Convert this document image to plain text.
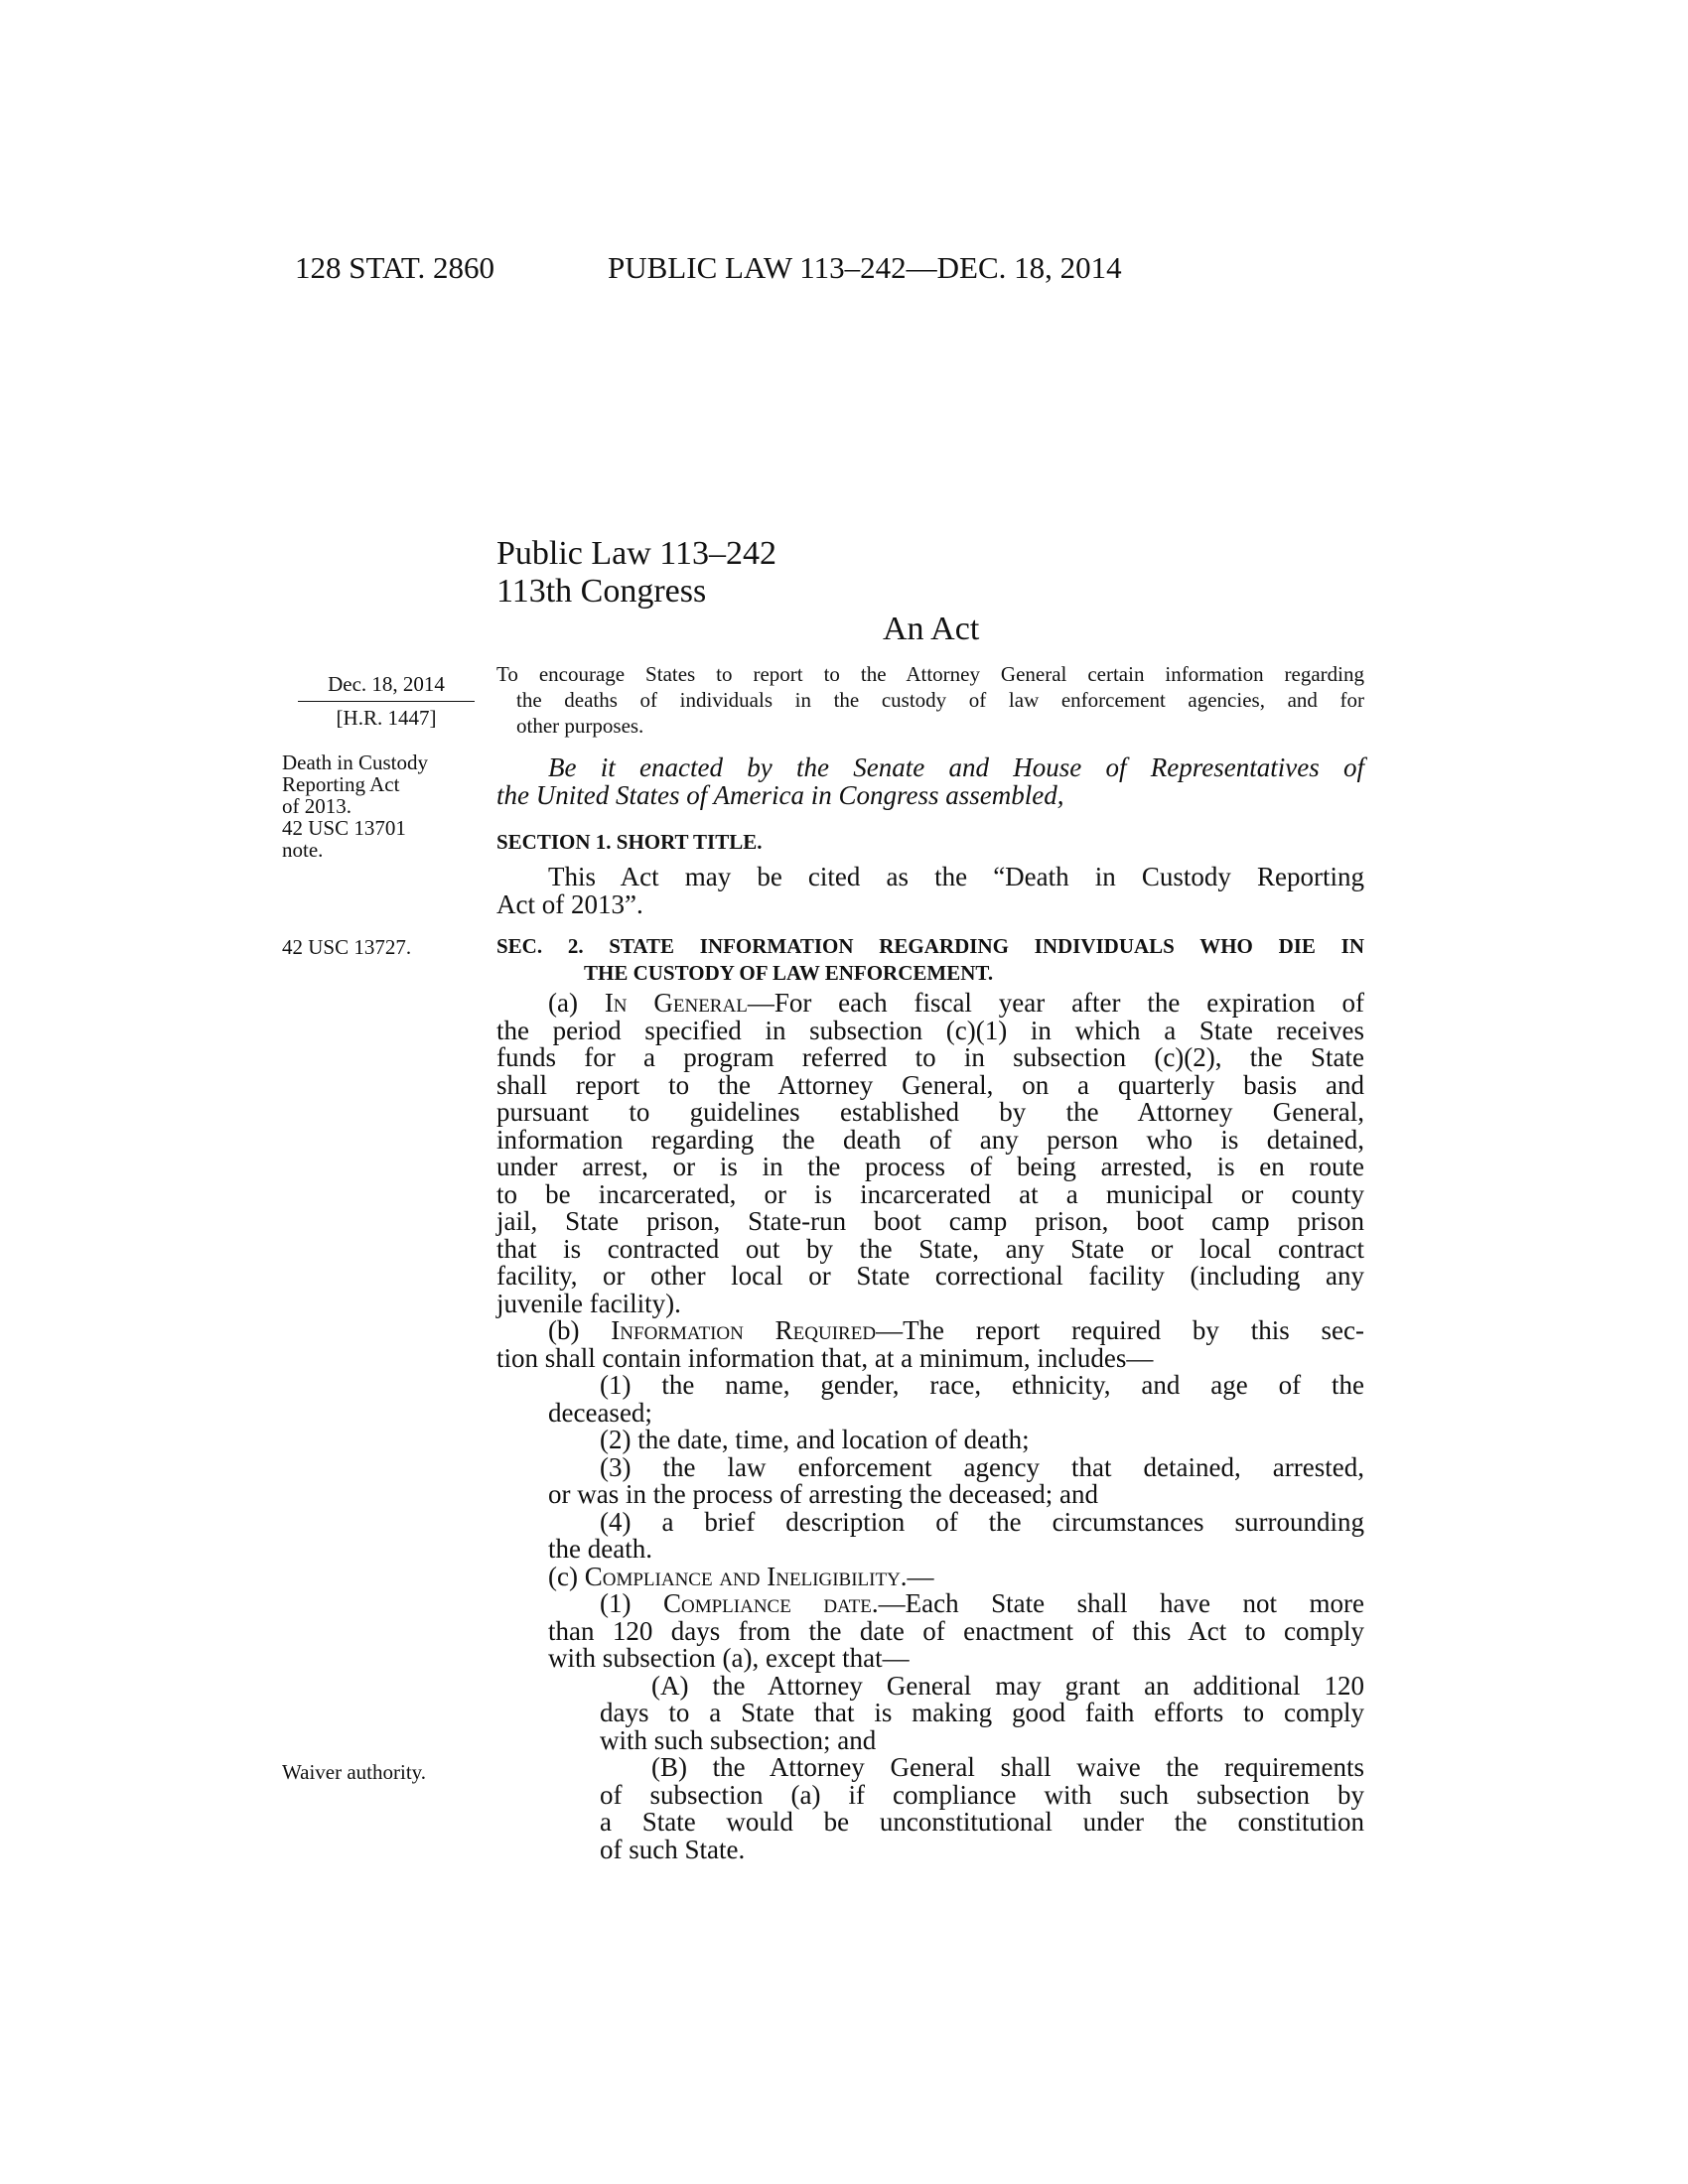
128 STAT. 2860	PUBLIC LAW 113–242—DEC. 18, 2014
Public Law 113–242
113th Congress
An Act
Dec. 18, 2014
[H.R. 1447]
To encourage States to report to the Attorney General certain information regarding
the deaths of individuals in the custody of law enforcement agencies, and for
other purposes.
Death in Custody
Reporting Act
of 2013.
42 USC 13701
note.
Be it enacted by the Senate and House of Representatives of
the United States of America in Congress assembled,
SECTION 1. SHORT TITLE.
This Act may be cited as the “Death in Custody Reporting
Act of 2013”.
42 USC 13727.	SEC. 2. STATE INFORMATION REGARDING INDIVIDUALS WHO DIE IN
THE CUSTODY OF LAW ENFORCEMENT.
(a) In General—For each fiscal year after the expiration of
the period specified in subsection (c)(1) in which a State receives
funds for a program referred to in subsection (c)(2), the State
shall report to the Attorney General, on a quarterly basis and
pursuant to guidelines established by the Attorney General,
information regarding the death of any person who is detained,
under arrest, or is in the process of being arrested, is en route
to be incarcerated, or is incarcerated at a municipal or county
jail, State prison, State-run boot camp prison, boot camp prison
that is contracted out by the State, any State or local contract
facility, or other local or State correctional facility (including any
juvenile facility).
(b) Information Required—The report required by this sec-
tion shall contain information that, at a minimum, includes—
(1) the name, gender, race, ethnicity, and age of the
deceased;
(2) the date, time, and location of death;
(3) the law enforcement agency that detained, arrested,
or was in the process of arresting the deceased; and
(4) a brief description of the circumstances surrounding
the death.
(c) Compliance and Ineligibility.—
(1) Compliance date.—Each State shall have not more
than 120 days from the date of enactment of this Act to comply
with subsection (a), except that—
(A) the Attorney General may grant an additional 120
days to a State that is making good faith efforts to comply
with such subsection; and
(B) the Attorney General shall waive the requirements
of subsection (a) if compliance with such subsection by
a State would be unconstitutional under the constitution
of such State.
Waiver authority.
